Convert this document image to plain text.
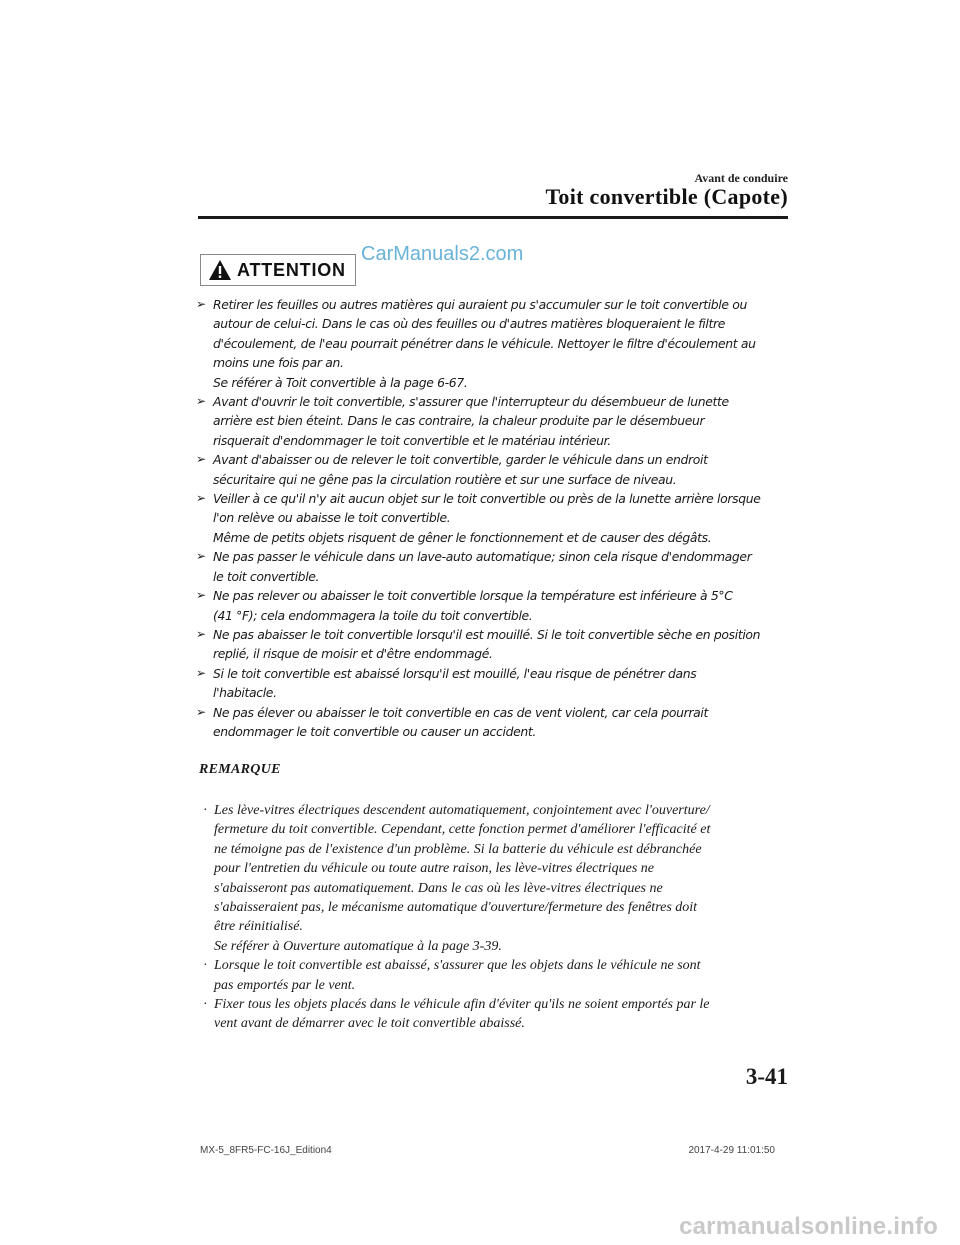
Avant de conduire
Toit convertible (Capote)
ATTENTION
CarManuals2.com
➢ Retirer les feuilles ou autres matières qui auraient pu s'accumuler sur le toit convertible ou
autour de celui-ci. Dans le cas où des feuilles ou d'autres matières bloqueraient le filtre
d'écoulement, de l'eau pourrait pénétrer dans le véhicule. Nettoyer le filtre d'écoulement au
moins une fois par an.
Se référer à Toit convertible à la page 6-67.
➢ Avant d'ouvrir le toit convertible, s'assurer que l'interrupteur du désembueur de lunette
arrière est bien éteint. Dans le cas contraire, la chaleur produite par le désembueur
risquerait d'endommager le toit convertible et le matériau intérieur.
➢ Avant d'abaisser ou de relever le toit convertible, garder le véhicule dans un endroit
sécuritaire qui ne gêne pas la circulation routière et sur une surface de niveau.
➢ Veiller à ce qu'il n'y ait aucun objet sur le toit convertible ou près de la lunette arrière lorsque
l'on relève ou abaisse le toit convertible.
Même de petits objets risquent de gêner le fonctionnement et de causer des dégâts.
➢ Ne pas passer le véhicule dans un lave-auto automatique; sinon cela risque d'endommager
le toit convertible.
➢ Ne pas relever ou abaisser le toit convertible lorsque la température est inférieure à 5°C
(41 °F); cela endommagera la toile du toit convertible.
➢ Ne pas abaisser le toit convertible lorsqu'il est mouillé. Si le toit convertible sèche en position
replié, il risque de moisir et d'être endommagé.
➢ Si le toit convertible est abaissé lorsqu'il est mouillé, l'eau risque de pénétrer dans
l'habitacle.
➢ Ne pas élever ou abaisser le toit convertible en cas de vent violent, car cela pourrait
endommager le toit convertible ou causer un accident.
REMARQUE
· Les lève-vitres électriques descendent automatiquement, conjointement avec l'ouverture/
fermeture du toit convertible. Cependant, cette fonction permet d'améliorer l'efficacité et
ne témoigne pas de l'existence d'un problème. Si la batterie du véhicule est débranchée
pour l'entretien du véhicule ou toute autre raison, les lève-vitres électriques ne
s'abaisseront pas automatiquement. Dans le cas où les lève-vitres électriques ne
s'abaisseraient pas, le mécanisme automatique d'ouverture/fermeture des fenêtres doit
être réinitialisé.
Se référer à Ouverture automatique à la page 3-39.
· Lorsque le toit convertible est abaissé, s'assurer que les objets dans le véhicule ne sont
pas emportés par le vent.
· Fixer tous les objets placés dans le véhicule afin d'éviter qu'ils ne soient emportés par le
vent avant de démarrer avec le toit convertible abaissé.
3-41
MX-5_8FR5-FC-16J_Edition4	2017-4-29 11:01:50
carmanualsonline.info
